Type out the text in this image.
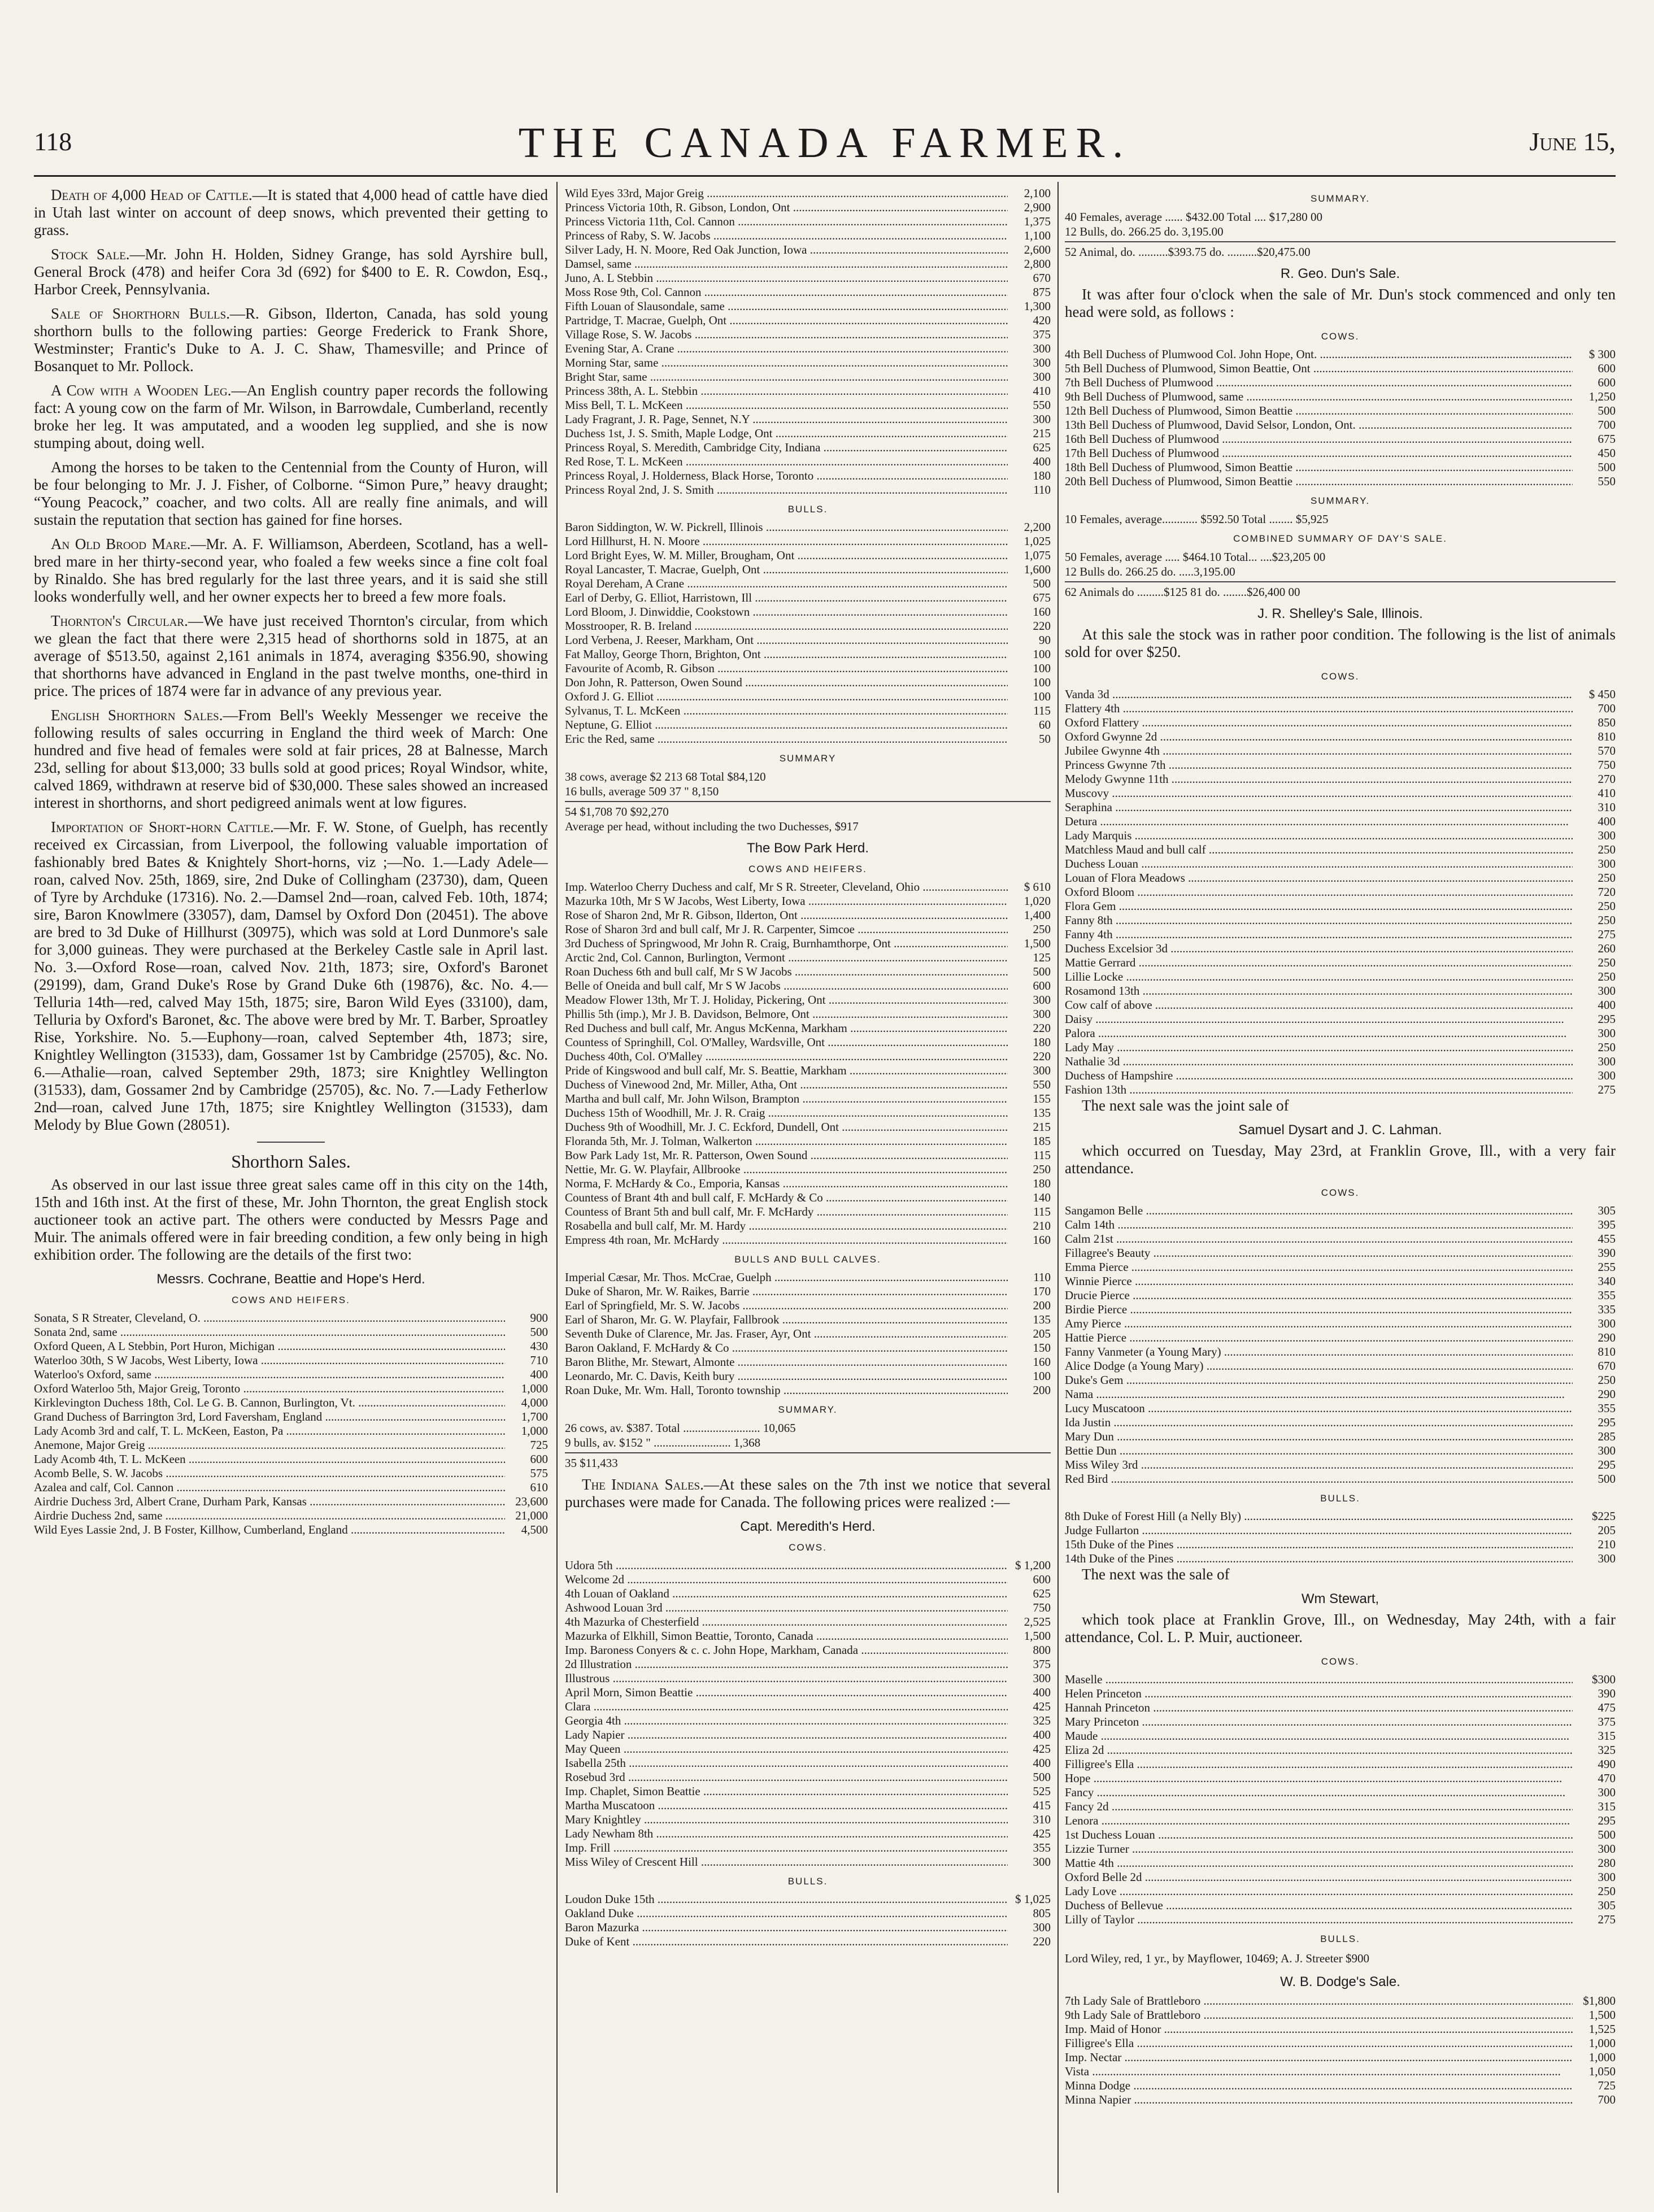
118	THE CANADA FARMER.	June 15,

Death of 4,000 Head of Cattle.—It is stated that 4,000 head of cattle have died in Utah last winter on account of deep snows, which prevented their getting to grass.

Stock Sale.—Mr. John H. Holden, Sidney Grange, has sold Ayrshire bull, General Brock (478) and heifer Cora 3d (692) for $400 to E. R. Cowdon, Esq., Harbor Creek, Pennsylvania.

Sale of Shorthorn Bulls.—R. Gibson, Ilderton, Canada, has sold young shorthorn bulls to the following parties: George Frederick to Frank Shore, Westminster; Frantic's Duke to A. J. C. Shaw, Thamesville; and Prince of Bosanquet to Mr. Pollock.

A Cow with a Wooden Leg.—An English country paper records the following fact: A young cow on the farm of Mr. Wilson, in Barrowdale, Cumberland, recently broke her leg. It was amputated, and a wooden leg supplied, and she is now stumping about, doing well.

Among the horses to be taken to the Centennial from the County of Huron, will be four belonging to Mr. J. J. Fisher, of Colborne. “Simon Pure,” heavy draught; “Young Peacock,” coacher, and two colts. All are really fine animals, and will sustain the reputation that section has gained for fine horses.

An Old Brood Mare.—Mr. A. F. Williamson, Aberdeen, Scotland, has a well-bred mare in her thirty-second year, who foaled a few weeks since a fine colt foal by Rinaldo. She has bred regularly for the last three years, and it is said she still looks wonderfully well, and her owner expects her to breed a few more foals.

Thornton's Circular.—We have just received Thornton's circular, from which we glean the fact that there were 2,315 head of shorthorns sold in 1875, at an average of $513.50, against 2,161 animals in 1874, averaging $356.90, showing that shorthorns have advanced in England in the past twelve months, one-third in price. The prices of 1874 were far in advance of any previous year.

English Shorthorn Sales.—From Bell's Weekly Messenger we receive the following results of sales occurring in England the third week of March: One hundred and five head of females were sold at fair prices, 28 at Balnesse, March 23d, selling for about $13,000; 33 bulls sold at good prices; Royal Windsor, white, calved 1869, withdrawn at reserve bid of $30,000. These sales showed an increased interest in shorthorns, and short pedigreed animals went at low figures.

Importation of Short-horn Cattle.—Mr. F. W. Stone, of Guelph, has recently received ex Circassian, from Liverpool, the following valuable importation of fashionably bred Bates & Knightely Short-horns, viz ;—No. 1.—Lady Adele—roan, calved Nov. 25th, 1869, sire, 2nd Duke of Collingham (23730), dam, Queen of Tyre by Archduke (17316). No. 2.—Damsel 2nd—roan, calved Feb. 10th, 1874; sire, Baron Knowlmere (33057), dam, Damsel by Oxford Don (20451). The above are bred to 3d Duke of Hillhurst (30975), which was sold at Lord Dunmore's sale for 3,000 guineas. They were purchased at the Berkeley Castle sale in April last. No. 3.—Oxford Rose—roan, calved Nov. 21th, 1873; sire, Oxford's Baronet (29199), dam, Grand Duke's Rose by Grand Duke 6th (19876), &c. No. 4.—Telluria 14th—red, calved May 15th, 1875; sire, Baron Wild Eyes (33100), dam, Telluria by Oxford's Baronet, &c. The above were bred by Mr. T. Barber, Sproatley Rise, Yorkshire. No. 5.—Euphony—roan, calved September 4th, 1873; sire, Knightley Wellington (31533), dam, Gossamer 1st by Cambridge (25705), &c. No. 6.—Athalie—roan, calved September 29th, 1873; sire Knightley Wellington (31533), dam, Gossamer 2nd by Cambridge (25705), &c. No. 7.—Lady Fetherlow 2nd—roan, calved June 17th, 1875; sire Knightley Wellington (31533), dam Melody by Blue Gown (28051).

Shorthorn Sales.

As observed in our last issue three great sales came off in this city on the 14th, 15th and 16th inst. At the first of these, Mr. John Thornton, the great English stock auctioneer took an active part. The others were conducted by Messrs Page and Muir. The animals offered were in fair breeding condition, a few only being in high exhibition order. The following are the details of the first two:

Messrs. Cochrane, Beattie and Hope's Herd.
COWS AND HEIFERS.
Sonata, S R Streater, Cleveland, O. .....	900
Sonata 2nd, same .....	500
Oxford Queen, A L Stebbin, Port Huron, Michigan .....	430
Waterloo 30th, S W Jacobs, West Liberty, Iowa .....	710
Waterloo's Oxford, same .....	400
Oxford Waterloo 5th, Major Greig, Toronto .....	1,000
Kirklevington Duchess 18th, Col. Le G. B. Cannon, Burlington, Vt. .....	4,000
Grand Duchess of Barrington 3rd, Lord Faversham, England .....	1,700
Lady Acomb 3rd and calf, T. L. McKeen, Easton, Pa .....	1,000
Anemone, Major Greig .....	725
Lady Acomb 4th, T. L. McKeen .....	600
Acomb Belle, S. W. Jacobs .....	575
Azalea and calf, Col. Cannon .....	610
Airdrie Duchess 3rd, Albert Crane, Durham Park, Kansas .....	23,600
Airdrie Duchess 2nd, same .....	21,000
Wild Eyes Lassie 2nd, J. B Foster, Killhow, Cumberland, England .....	4,500
Wild Eyes 33rd, Major Greig .....	2,100
Princess Victoria 10th, R. Gibson, London, Ont .....	2,900
Princess Victoria 11th, Col. Cannon .....	1,375
Princess of Raby, S. W. Jacobs .....	1,100
Silver Lady, H. N. Moore, Red Oak Junction, Iowa .....	2,600
Damsel, same .....	2,800
Juno, A. L Stebbin .....	670
Moss Rose 9th, Col. Cannon .....	875
Fifth Louan of Slausondale, same .....	1,300
Partridge, T. Macrae, Guelph, Ont .....	420
Village Rose, S. W. Jacobs .....	375
Evening Star, A. Crane .....	300
Morning Star, same .....	300
Bright Star, same .....	300
Princess 38th, A. L. Stebbin .....	410
Miss Bell, T. L. McKeen .....	550
Lady Fragrant, J. R. Page, Sennet, N.Y .....	300
Duchess 1st, J. S. Smith, Maple Lodge, Ont .....	215
Princess Royal, S. Meredith, Cambridge City, Indiana .....	625
Red Rose, T. L. McKeen .....	400
Princess Royal, J. Holderness, Black Horse, Toronto .....	180
Princess Royal 2nd, J. S. Smith .....	110
BULLS.
Baron Siddington, W. W. Pickrell, Illinois .....	2,200
Lord Hillhurst, H. N. Moore .....	1,025
Lord Bright Eyes, W. M. Miller, Brougham, Ont .....	1,075
Royal Lancaster, T. Macrae, Guelph, Ont .....	1,600
Royal Dereham, A Crane .....	500
Earl of Derby, G. Elliot, Harristown, Ill .....	675
Lord Bloom, J. Dinwiddie, Cookstown .....	160
Mosstrooper, R. B. Ireland .....	220
Lord Verbena, J. Reeser, Markham, Ont .....	90
Fat Malloy, George Thorn, Brighton, Ont .....	100
Favourite of Acomb, R. Gibson .....	100
Don John, R. Patterson, Owen Sound .....	100
Oxford J. G. Elliot .....	100
Sylvanus, T. L. McKeen .....	115
Neptune, G. Elliot .....	60
Eric the Red, same .....	50
SUMMARY
38 cows, average $2 213 68 Total $84,120
16 bulls, average 509 37 " 8,150
54 $1,708 70 $92,270
Average per head, without including the two Duchesses, $917
The Bow Park Herd.
COWS AND HEIFERS.
Imp. Waterloo Cherry Duchess and calf, Mr S R. Streeter, Cleveland, Ohio .....	$ 610
Mazurka 10th, Mr S W Jacobs, West Liberty, Iowa .....	1,020
Rose of Sharon 2nd, Mr R. Gibson, Ilderton, Ont .....	1,400
Rose of Sharon 3rd and bull calf, Mr J. R. Carpenter, Simcoe .....	250
3rd Duchess of Springwood, Mr John R. Craig, Burnhamthorpe, Ont .....	1,500
Arctic 2nd, Col. Cannon, Burlington, Vermont .....	125
Roan Duchess 6th and bull calf, Mr S W Jacobs .....	500
Belle of Oneida and bull calf, Mr S W Jacobs .....	600
Meadow Flower 13th, Mr T. J. Holiday, Pickering, Ont .....	300
Phillis 5th (imp.), Mr J. B. Davidson, Belmore, Ont .....	300
Red Duchess and bull calf, Mr. Angus McKenna, Markham .....	220
Countess of Springhill, Col. O'Malley, Wardsville, Ont .....	180
Duchess 40th, Col. O'Malley .....	220
Pride of Kingswood and bull calf, Mr. S. Beattie, Markham .....	300
Duchess of Vinewood 2nd, Mr. Miller, Atha, Ont .....	550
Martha and bull calf, Mr. John Wilson, Brampton .....	155
Duchess 15th of Woodhill, Mr. J. R. Craig .....	135
Duchess 9th of Woodhill, Mr. J. C. Eckford, Dundell, Ont .....	215
Floranda 5th, Mr. J. Tolman, Walkerton .....	185
Bow Park Lady 1st, Mr. R. Patterson, Owen Sound .....	115
Nettie, Mr. G. W. Playfair, Allbrooke .....	250
Norma, F. McHardy & Co., Emporia, Kansas .....	180
Countess of Brant 4th and bull calf, F. McHardy & Co .....	140
Countess of Brant 5th and bull calf, Mr. F. McHardy .....	115
Rosabella and bull calf, Mr. M. Hardy .....	210
Empress 4th roan, Mr. McHardy .....	160
BULLS AND BULL CALVES.
Imperial Cæsar, Mr. Thos. McCrae, Guelph .....	110
Duke of Sharon, Mr. W. Raikes, Barrie .....	170
Earl of Springfield, Mr. S. W. Jacobs .....	200
Earl of Sharon, Mr. G. W. Playfair, Fallbrook .....	135
Seventh Duke of Clarence, Mr. Jas. Fraser, Ayr, Ont .....	205
Baron Oakland, F. McHardy & Co .....	150
Baron Blithe, Mr. Stewart, Almonte .....	160
Leonardo, Mr. C. Davis, Keith bury .....	100
Roan Duke, Mr. Wm. Hall, Toronto township .....	200
SUMMARY.
26 cows, av. $387. Total .......................... 10,065
9 bulls, av. $152 " .......................... 1,368
35 $11,433

The Indiana Sales.—At these sales on the 7th inst we notice that several purchases were made for Canada. The following prices were realized :—

Capt. Meredith's Herd.
COWS.
Udora 5th .....	$ 1,200
Welcome 2d .....	600
4th Louan of Oakland .....	625
Ashwood Louan 3rd .....	750
4th Mazurka of Chesterfield .....	2,525
Mazurka of Elkhill, Simon Beattie, Toronto, Canada .....	1,500
Imp. Baroness Conyers & c. c. John Hope, Markham, Canada .....	800
2d Illustration .....	375
Illustrous .....	300
April Morn, Simon Beattie .....	400
Clara .....	425
Georgia 4th .....	325
Lady Napier .....	400
May Queen .....	425
Isabella 25th .....	400
Rosebud 3rd .....	500
Imp. Chaplet, Simon Beattie .....	525
Martha Muscatoon .....	415
Mary Knightley .....	310
Lady Newham 8th .....	425
Imp. Frill .....	355
Miss Wiley of Crescent Hill .....	300
BULLS.
Loudon Duke 15th .....	$ 1,025
Oakland Duke .....	805
Baron Mazurka .....	300
Duke of Kent .....	220
SUMMARY.
40 Females, average ...... $432.00 Total .... $17,280 00
12 Bulls, do. 266.25 do. 3,195.00
52 Animal, do. ..........$393.75 do. ..........$20,475.00
R. Geo. Dun's Sale.

It was after four o'clock when the sale of Mr. Dun's stock commenced and only ten head were sold, as follows :

COWS.
4th Bell Duchess of Plumwood Col. John Hope, Ont. .....	$ 300
5th Bell Duchess of Plumwood, Simon Beattie, Ont .....	600
7th Bell Duchess of Plumwood .....	600
9th Bell Duchess of Plumwood, same .....	1,250
12th Bell Duchess of Plumwood, Simon Beattie .....	500
13th Bell Duchess of Plumwood, David Selsor, London, Ont. .....	700
16th Bell Duchess of Plumwood .....	675
17th Bell Duchess of Plumwood .....	450
18th Bell Duchess of Plumwood, Simon Beattie .....	500
20th Bell Duchess of Plumwood, Simon Beattie .....	550
SUMMARY.
10 Females, average............ $592.50 Total ........ $5,925
COMBINED SUMMARY OF DAY'S SALE.
50 Females, average ..... $464.10 Total... ....$23,205 00
12 Bulls do. 266.25 do. .....3,195.00
62 Animals do .........$125 81 do. ........$26,400 00
J. R. Shelley's Sale, Illinois.

At this sale the stock was in rather poor condition. The following is the list of animals sold for over $250.

COWS.
Vanda 3d .....	$ 450
Flattery 4th .....	700
Oxford Flattery .....	850
Oxford Gwynne 2d .....	810
Jubilee Gwynne 4th .....	570
Princess Gwynne 7th .....	750
Melody Gwynne 11th .....	270
Muscovy .....	410
Seraphina .....	310
Detura .....	400
Lady Marquis .....	300
Matchless Maud and bull calf .....	250
Duchess Louan .....	300
Louan of Flora Meadows .....	250
Oxford Bloom .....	720
Flora Gem .....	250
Fanny 8th .....	250
Fanny 4th .....	275
Duchess Excelsior 3d .....	260
Mattie Gerrard .....	250
Lillie Locke .....	250
Rosamond 13th .....	300
Cow calf of above .....	400
Daisy .....	295
Palora .....	300
Lady May .....	250
Nathalie 3d .....	300
Duchess of Hampshire .....	300
Fashion 13th .....	275

The next sale was the joint sale of

Samuel Dysart and J. C. Lahman.

which occurred on Tuesday, May 23rd, at Franklin Grove, Ill., with a very fair attendance.

COWS.
Sangamon Belle .....	305
Calm 14th .....	395
Calm 21st .....	455
Fillagree's Beauty .....	390
Emma Pierce .....	255
Winnie Pierce .....	340
Drucie Pierce .....	355
Birdie Pierce .....	335
Amy Pierce .....	300
Hattie Pierce .....	290
Fanny Vanmeter (a Young Mary) .....	810
Alice Dodge (a Young Mary) .....	670
Duke's Gem .....	250
Nama .....	290
Lucy Muscatoon .....	355
Ida Justin .....	295
Mary Dun .....	285
Bettie Dun .....	300
Miss Wiley 3rd .....	295
Red Bird .....	500
BULLS.
8th Duke of Forest Hill (a Nelly Bly) .....	$225
Judge Fullarton .....	205
15th Duke of the Pines .....	210
14th Duke of the Pines .....	300

The next was the sale of

Wm Stewart,

which took place at Franklin Grove, Ill., on Wednesday, May 24th, with a fair attendance, Col. L. P. Muir, auctioneer.

COWS.
Maselle .....	$300
Helen Princeton .....	390
Hannah Princeton .....	475
Mary Princeton .....	375
Maude .....	315
Eliza 2d .....	325
Filligree's Ella .....	490
Hope .....	470
Fancy .....	300
Fancy 2d .....	315
Lenora .....	295
1st Duchess Louan .....	500
Lizzie Turner .....	300
Mattie 4th .....	280
Oxford Belle 2d .....	300
Lady Love .....	250
Duchess of Bellevue .....	305
Lilly of Taylor .....	275
BULLS.
Lord Wiley, red, 1 yr., by Mayflower, 10469; A. J. Streeter $900
W. B. Dodge's Sale.
7th Lady Sale of Brattleboro .....	$1,800
9th Lady Sale of Brattleboro .....	1,500
Imp. Maid of Honor .....	1,525
Filligree's Ella .....	1,000
Imp. Nectar .....	1,000
Vista .....	1,050
Minna Dodge .....	725
Minna Napier .....	700
